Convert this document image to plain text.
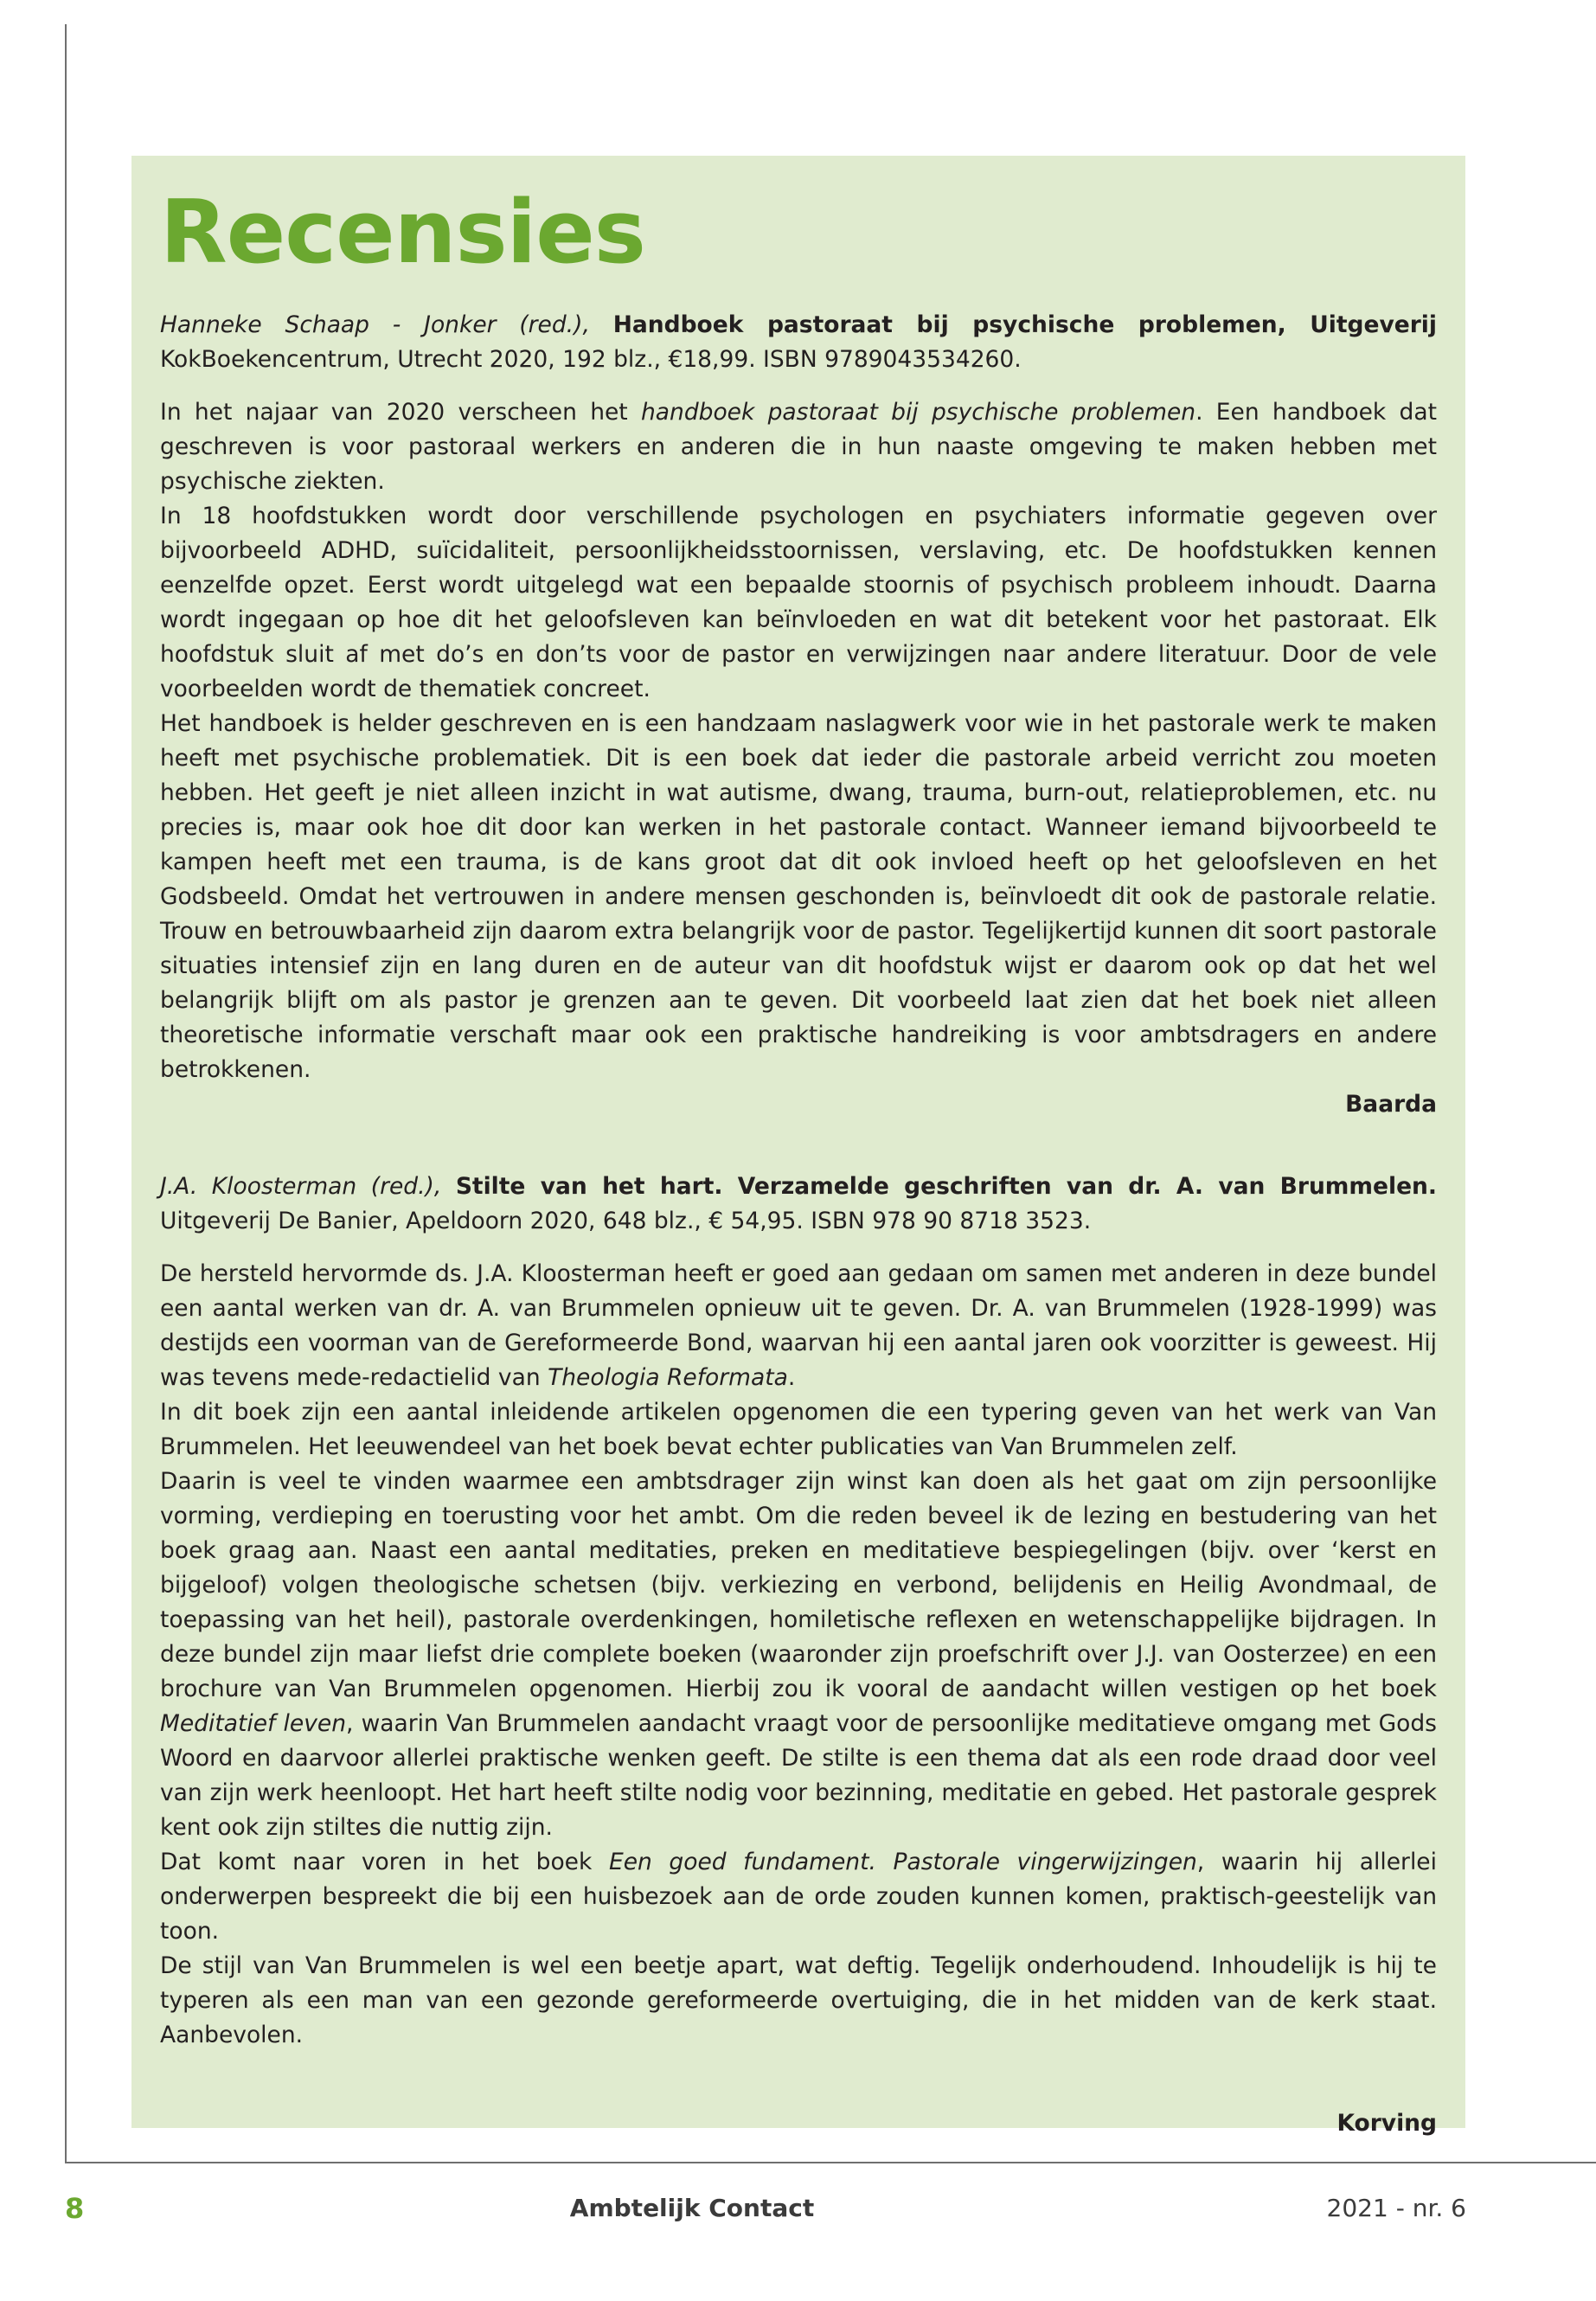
Recensies

Hanneke Schaap - Jonker (red.), Handboek pastoraat bij psychische problemen, Uitgeverij KokBoekencentrum, Utrecht 2020, 192 blz., €18,99. ISBN 9789043534260.

In het najaar van 2020 verscheen het handboek pastoraat bij psychische problemen. Een handboek dat geschreven is voor pastoraal werkers en anderen die in hun naaste omgeving te maken hebben met psychische ziekten.

In 18 hoofdstukken wordt door verschillende psychologen en psychiaters informatie gegeven over bijvoorbeeld ADHD, suïcidaliteit, persoonlijkheidsstoornissen, verslaving, etc. De hoofdstukken kennen eenzelfde opzet. Eerst wordt uitgelegd wat een bepaalde stoornis of psychisch probleem inhoudt. Daarna wordt ingegaan op hoe dit het geloofsleven kan beïnvloeden en wat dit betekent voor het pastoraat. Elk hoofdstuk sluit af met do’s en don’ts voor de pastor en verwijzingen naar andere literatuur. Door de vele voorbeelden wordt de thematiek concreet.

Het handboek is helder geschreven en is een handzaam naslagwerk voor wie in het pastorale werk te maken heeft met psychische problematiek. Dit is een boek dat ieder die pastorale arbeid verricht zou moeten hebben. Het geeft je niet alleen inzicht in wat autisme, dwang, trauma, burn-out, relatieproblemen, etc. nu precies is, maar ook hoe dit door kan werken in het pastorale contact. Wanneer iemand bijvoorbeeld te kampen heeft met een trauma, is de kans groot dat dit ook invloed heeft op het geloofsleven en het Godsbeeld. Omdat het vertrouwen in andere mensen geschonden is, beïnvloedt dit ook de pastorale relatie. Trouw en betrouwbaarheid zijn daarom extra belangrijk voor de pastor. Tegelijkertijd kunnen dit soort pastorale situaties intensief zijn en lang duren en de auteur van dit hoofdstuk wijst er daarom ook op dat het wel belangrijk blijft om als pastor je grenzen aan te geven. Dit voorbeeld laat zien dat het boek niet alleen theoretische informatie verschaft maar ook een praktische handreiking is voor ambtsdragers en andere betrokkenen.

Baarda

J.A. Kloosterman (red.), Stilte van het hart. Verzamelde geschriften van dr. A. van Brummelen. Uitgeverij De Banier, Apeldoorn 2020, 648 blz., € 54,95. ISBN 978 90 8718 3523.

De hersteld hervormde ds. J.A. Kloosterman heeft er goed aan gedaan om samen met anderen in deze bundel een aantal werken van dr. A. van Brummelen opnieuw uit te geven. Dr. A. van Brummelen (1928-1999) was destijds een voorman van de Gereformeerde Bond, waarvan hij een aantal jaren ook voorzitter is geweest. Hij was tevens mede-redactielid van Theologia Reformata.

In dit boek zijn een aantal inleidende artikelen opgenomen die een typering geven van het werk van Van Brummelen. Het leeuwendeel van het boek bevat echter publicaties van Van Brummelen zelf.

Daarin is veel te vinden waarmee een ambtsdrager zijn winst kan doen als het gaat om zijn persoonlijke vorming, verdieping en toerusting voor het ambt. Om die reden beveel ik de lezing en bestudering van het boek graag aan. Naast een aantal meditaties, preken en meditatieve bespiegelingen (bijv. over ‘kerst en bijgeloof) volgen theologische schetsen (bijv. verkiezing en verbond, belijdenis en Heilig Avondmaal, de toepassing van het heil), pastorale overdenkingen, homiletische reflexen en wetenschappelijke bijdragen. In deze bundel zijn maar liefst drie complete boeken (waaronder zijn proefschrift over J.J. van Oosterzee) en een brochure van Van Brummelen opgenomen. Hierbij zou ik vooral de aandacht willen vestigen op het boek Meditatief leven, waarin Van Brummelen aandacht vraagt voor de persoonlijke meditatieve omgang met Gods Woord en daarvoor allerlei praktische wenken geeft. De stilte is een thema dat als een rode draad door veel van zijn werk heenloopt. Het hart heeft stilte nodig voor bezinning, meditatie en gebed. Het pastorale gesprek kent ook zijn stiltes die nuttig zijn.

Dat komt naar voren in het boek Een goed fundament. Pastorale vingerwijzingen, waarin hij allerlei onderwerpen bespreekt die bij een huisbezoek aan de orde zouden kunnen komen, praktisch-geestelijk van toon.

De stijl van Van Brummelen is wel een beetje apart, wat deftig. Tegelijk onderhoudend. Inhoudelijk is hij te typeren als een man van een gezonde gereformeerde overtuiging, die in het midden van de kerk staat. Aanbevolen.

Korving

8	Ambtelijk Contact	2021 - nr. 6
